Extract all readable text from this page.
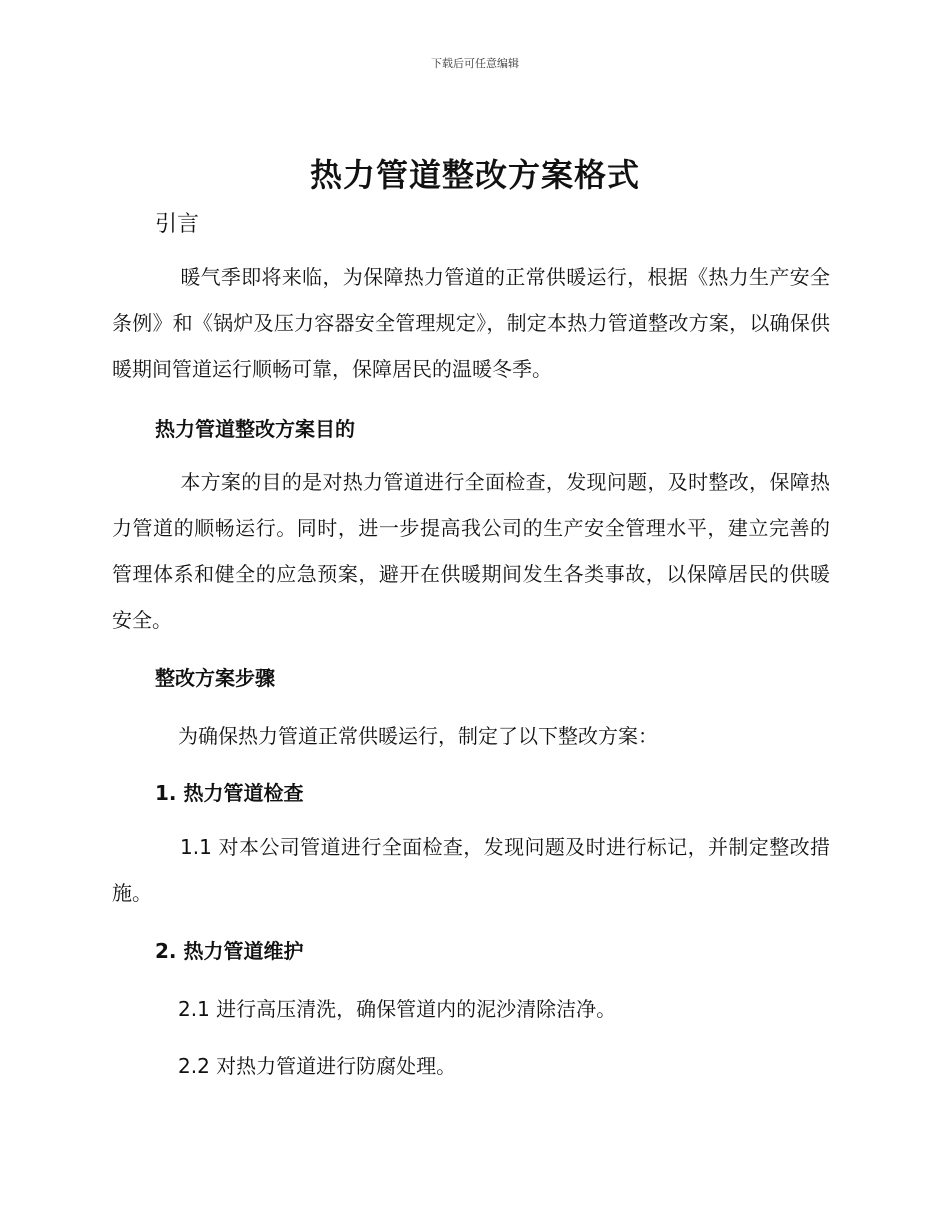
下载后可任意编辑
热力管道整改方案格式
引言
暖气季即将来临，为保障热力管道的正常供暖运行，根据《热力生产安全条例》和《锅炉及压力容器安全管理规定》，制定本热力管道整改方案，以确保供暖期间管道运行顺畅可靠，保障居民的温暖冬季。
热力管道整改方案目的
本方案的目的是对热力管道进行全面检查，发现问题，及时整改，保障热力管道的顺畅运行。同时，进一步提高我公司的生产安全管理水平，建立完善的管理体系和健全的应急预案，避开在供暖期间发生各类事故，以保障居民的供暖安全。
整改方案步骤
为确保热力管道正常供暖运行，制定了以下整改方案：
1. 热力管道检查
1.1 对本公司管道进行全面检查，发现问题及时进行标记，并制定整改措施。
2. 热力管道维护
2.1 进行高压清洗，确保管道内的泥沙清除洁净。
2.2 对热力管道进行防腐处理。
